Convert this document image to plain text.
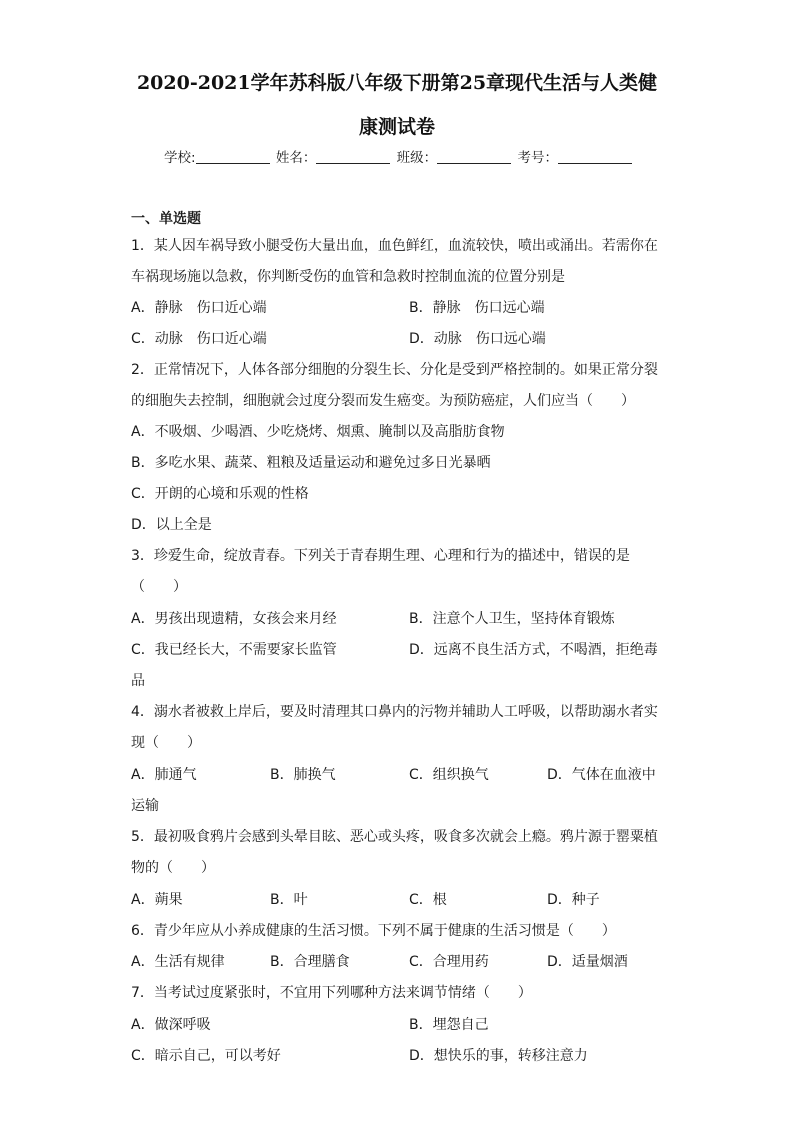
2020-2021学年苏科版八年级下册第25章现代生活与人类健
康测试卷
学校:	姓名：	班级：	考号：
一、单选题
1．某人因车祸导致小腿受伤大量出血，血色鲜红，血流较快，喷出或涌出。若需你在
车祸现场施以急救，你判断受伤的血管和急救时控制血流的位置分别是
A．静脉　伤口近心端	B．静脉　伤口远心端
C．动脉　伤口近心端	D．动脉　伤口远心端
2．正常情况下，人体各部分细胞的分裂生长、分化是受到严格控制的。如果正常分裂
的细胞失去控制，细胞就会过度分裂而发生癌变。为预防癌症，人们应当（　　）
A．不吸烟、少喝酒、少吃烧烤、烟熏、腌制以及高脂肪食物
B．多吃水果、蔬菜、粗粮及适量运动和避免过多日光暴晒
C．开朗的心境和乐观的性格
D．以上全是
3．珍爱生命，绽放青春。下列关于青春期生理、心理和行为的描述中，错误的是
（　　）
A．男孩出现遗精，女孩会来月经	B．注意个人卫生，坚持体育锻炼
C．我已经长大，不需要家长监管	D．远离不良生活方式，不喝酒，拒绝毒
品
4．溺水者被救上岸后，要及时清理其口鼻内的污物并辅助人工呼吸，以帮助溺水者实
现（　　）
A．肺通气	B．肺换气	C．组织换气	D．气体在血液中
运输
5．最初吸食鸦片会感到头晕目眩、恶心或头疼，吸食多次就会上瘾。鸦片源于罂粟植
物的（　　）
A．蒴果	B．叶	C．根	D．种子
6．青少年应从小养成健康的生活习惯。下列不属于健康的生活习惯是（　　）
A．生活有规律	B．合理膳食	C．合理用药	D．适量烟酒
7．当考试过度紧张时，不宜用下列哪种方法来调节情绪（　　）
A．做深呼吸	B．埋怨自己
C．暗示自己，可以考好	D．想快乐的事，转移注意力
